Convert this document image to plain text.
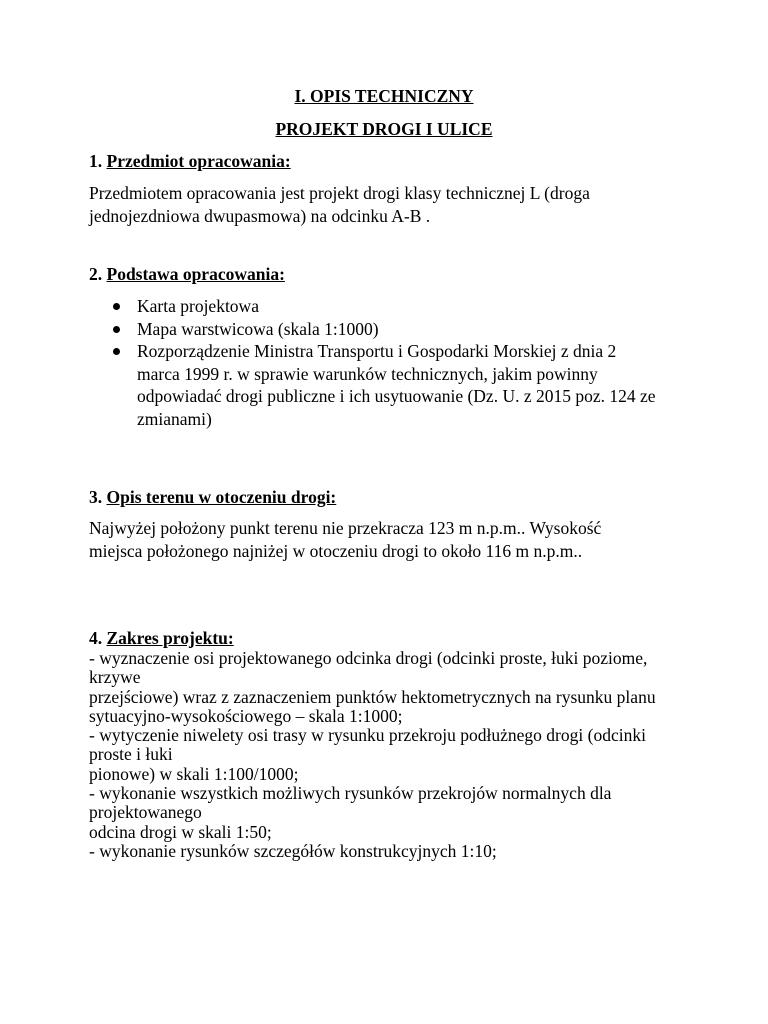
I. OPIS TECHNICZNY
PROJEKT DROGI I ULICE
1. Przedmiot opracowania:
Przedmiotem opracowania jest projekt drogi klasy technicznej L (droga
jednojezdniowa dwupasmowa) na odcinku A-B .
2. Podstawa opracowania:
Karta projektowa
Mapa warstwicowa (skala 1:1000)
Rozporządzenie Ministra Transportu i Gospodarki Morskiej z dnia 2
marca 1999 r. w sprawie warunków technicznych, jakim powinny
odpowiadać drogi publiczne i ich usytuowanie (Dz. U. z 2015 poz. 124 ze
zmianami)
3. Opis terenu w otoczeniu drogi:
Najwyżej położony punkt terenu nie przekracza 123 m n.p.m.. Wysokość
miejsca położonego najniżej w otoczeniu drogi to około 116 m n.p.m..
4. Zakres projektu:
- wyznaczenie osi projektowanego odcinka drogi (odcinki proste, łuki poziome,
krzywe
przejściowe) wraz z zaznaczeniem punktów hektometrycznych na rysunku planu
sytuacyjno-wysokościowego – skala 1:1000;
- wytyczenie niwelety osi trasy w rysunku przekroju podłużnego drogi (odcinki
proste i łuki
pionowe) w skali 1:100/1000;
- wykonanie wszystkich możliwych rysunków przekrojów normalnych dla
projektowanego
odcina drogi w skali 1:50;
- wykonanie rysunków szczegółów konstrukcyjnych 1:10;
